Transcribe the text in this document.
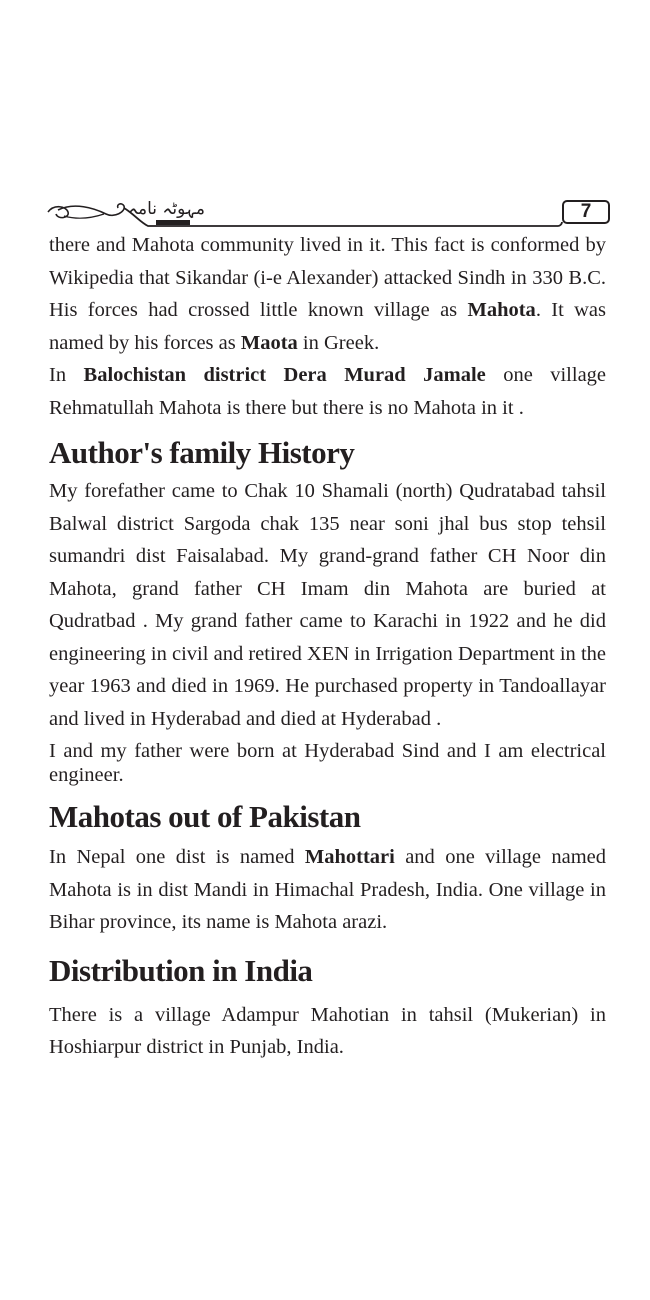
مہوٹہ نامہ	7

there and Mahota community lived in it. This fact is conformed by Wikipedia that Sikandar (i-e Alexander) attacked Sindh in 330 B.C. His forces had crossed little known village as Mahota. It was named by his forces as Maota in Greek.

In Balochistan district Dera Murad Jamale one village Rehmatullah Mahota is there but there is no Mahota in it .

Author's family History

My forefather came to Chak 10 Shamali (north) Qudratabad tahsil Balwal district Sargoda chak 135 near soni jhal bus stop tehsil sumandri dist Faisalabad. My grand-grand father CH Noor din Mahota, grand father CH Imam din Mahota are buried at Qudratbad . My grand father came to Karachi in 1922 and he did engineering in civil and retired XEN in Irrigation Department in the year 1963 and died in 1969. He purchased property in Tandoallayar and lived in Hyderabad and died at Hyderabad .

I and my father were born at Hyderabad Sind and I am electrical engineer.

Mahotas out of Pakistan

In Nepal one dist is named Mahottari and one village named Mahota is in dist Mandi in Himachal Pradesh, India. One village in Bihar province, its name is Mahota arazi.

Distribution in India

There is a village Adampur Mahotian in tahsil (Mukerian) in Hoshiarpur district in Punjab, India.
